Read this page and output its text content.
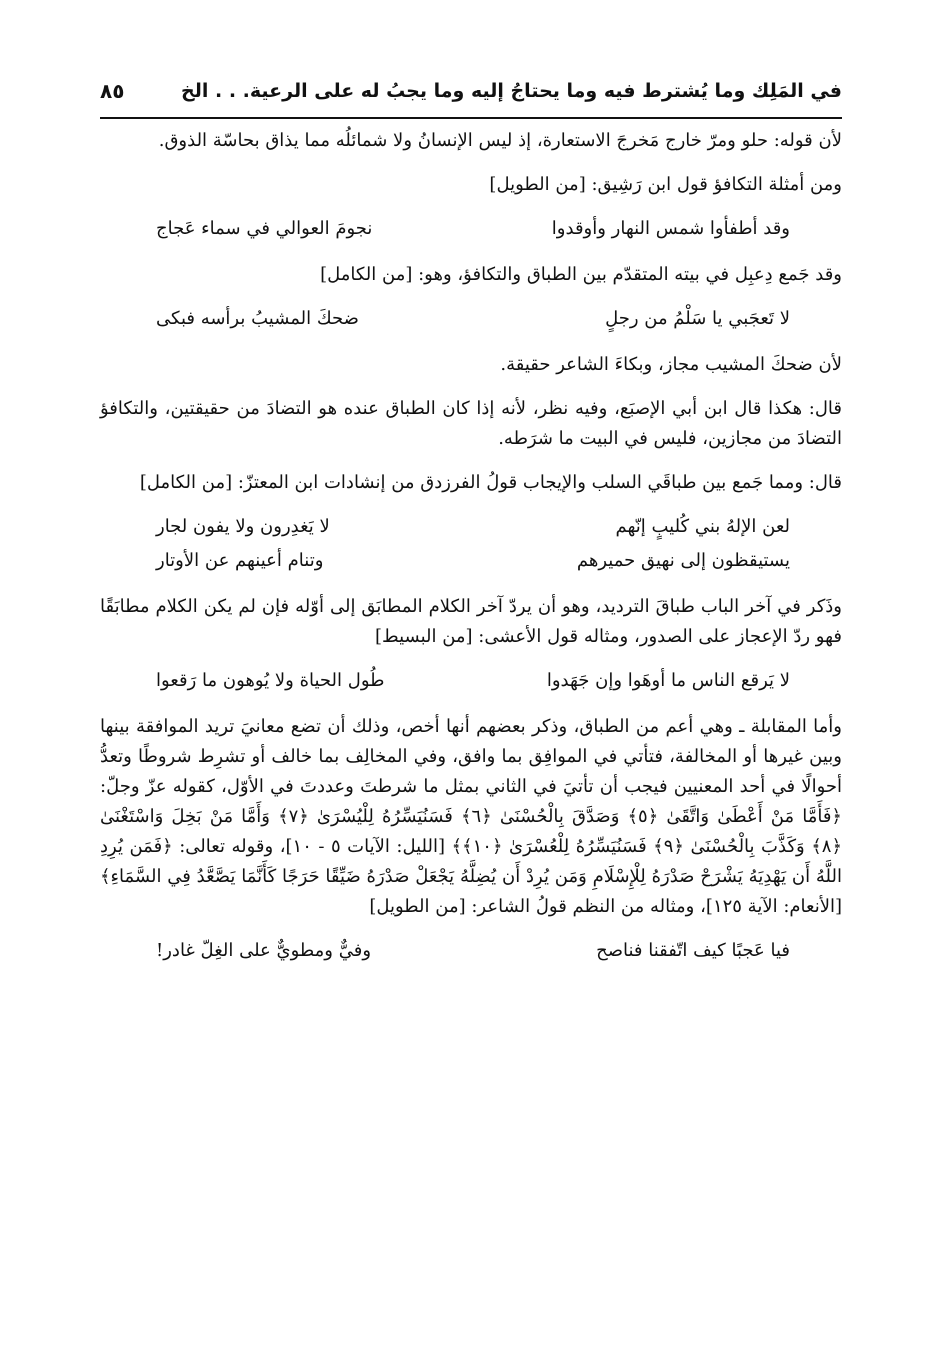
في المَلِك وما يُشترط فيه وما يحتاجُ إليه وما يجبُ له على الرعية. . . الخ
٨٥

لأن قوله: حلو ومرّ خارج مَخرجَ الاستعارة، إذ ليس الإنسانُ ولا شمائلُه مما يذاق بحاسّة الذوق.

ومن أمثلة التكافؤ قول ابن رَشِيق: [من الطويل]

وقد أطفأوا شمس النهار وأوقدوا
نجومَ العوالي في سماء عَجاج

وقد جَمع دِعبِل في بيته المتقدّم بين الطباق والتكافؤ، وهو: [من الكامل]

لا تَعجَبي يا سَلْمُ من رجلٍ
ضحكَ المشيبُ برأسه فبكى

لأن ضحكَ المشيب مجاز، وبكاءَ الشاعر حقيقة.

قال: هكذا قال ابن أبي الإصبَع، وفيه نظر، لأنه إذا كان الطباق عنده هو التضادَ من حقيقتين، والتكافؤ التضادَ من مجازين، فليس في البيت ما شرَطه.

قال: ومما جَمع بين طباقَي السلب والإيجاب قولُ الفرزدق من إنشادات ابن المعتزّ: [من الكامل]

لعن الإلهُ بني كُليبٍ إنّهم
لا يَغدِرون ولا يفون لجار
يستيقظون إلى نهيق حميرهم
وتنام أعينهم عن الأوتار

وذَكر في آخر الباب طباقَ الترديد، وهو أن يردّ آخر الكلام المطابَق إلى أوّله فإن لم يكن الكلام مطابَقًا فهو ردّ الإعجاز على الصدور، ومثاله قول الأعشى: [من البسيط]

لا يَرقع الناس ما أوهَوا وإن جَهَدوا
طُول الحياة ولا يُوهون ما رَقعوا

وأما المقابلة ـ وهي أعم من الطباق، وذكر بعضهم أنها أخص، وذلك أن تضع معانيَ تريد الموافقة بينها وبين غيرها أو المخالفة، فتأتي في الموافِق بما وافق، وفي المخالِف بما خالف أو تشرِط شروطًا وتعدُّ أحوالًا في أحد المعنيين فيجب أن تأتيَ في الثاني بمثل ما شرطتَ وعددتَ في الأوّل، كقوله عزّ وجلّ: ﴿فَأَمَّا مَنْ أَعْطَىٰ وَاتَّقَىٰ ﴿٥﴾ وَصَدَّقَ بِالْحُسْنَىٰ ﴿٦﴾ فَسَنُيَسِّرُهُ لِلْيُسْرَىٰ ﴿٧﴾ وَأَمَّا مَنْ بَخِلَ وَاسْتَغْنَىٰ ﴿٨﴾ وَكَذَّبَ بِالْحُسْنَىٰ ﴿٩﴾ فَسَنُيَسِّرُهُ لِلْعُسْرَىٰ ﴿١٠﴾﴾ [الليل: الآيات ٥ - ١٠]، وقوله تعالى: ﴿فَمَن يُرِدِ اللَّهُ أَن يَهْدِيَهُ يَشْرَحْ صَدْرَهُ لِلْإِسْلَامِ وَمَن يُرِدْ أَن يُضِلَّهُ يَجْعَلْ صَدْرَهُ ضَيِّقًا حَرَجًا كَأَنَّمَا يَصَّعَّدُ فِي السَّمَاءِ﴾ [الأنعام: الآية ١٢٥]، ومثاله من النظم قولُ الشاعر: [من الطويل]

فيا عَجبًا كيف اتّفقنا فناصح
وفيٌّ ومطويٌّ على الغِلّ غادر!
